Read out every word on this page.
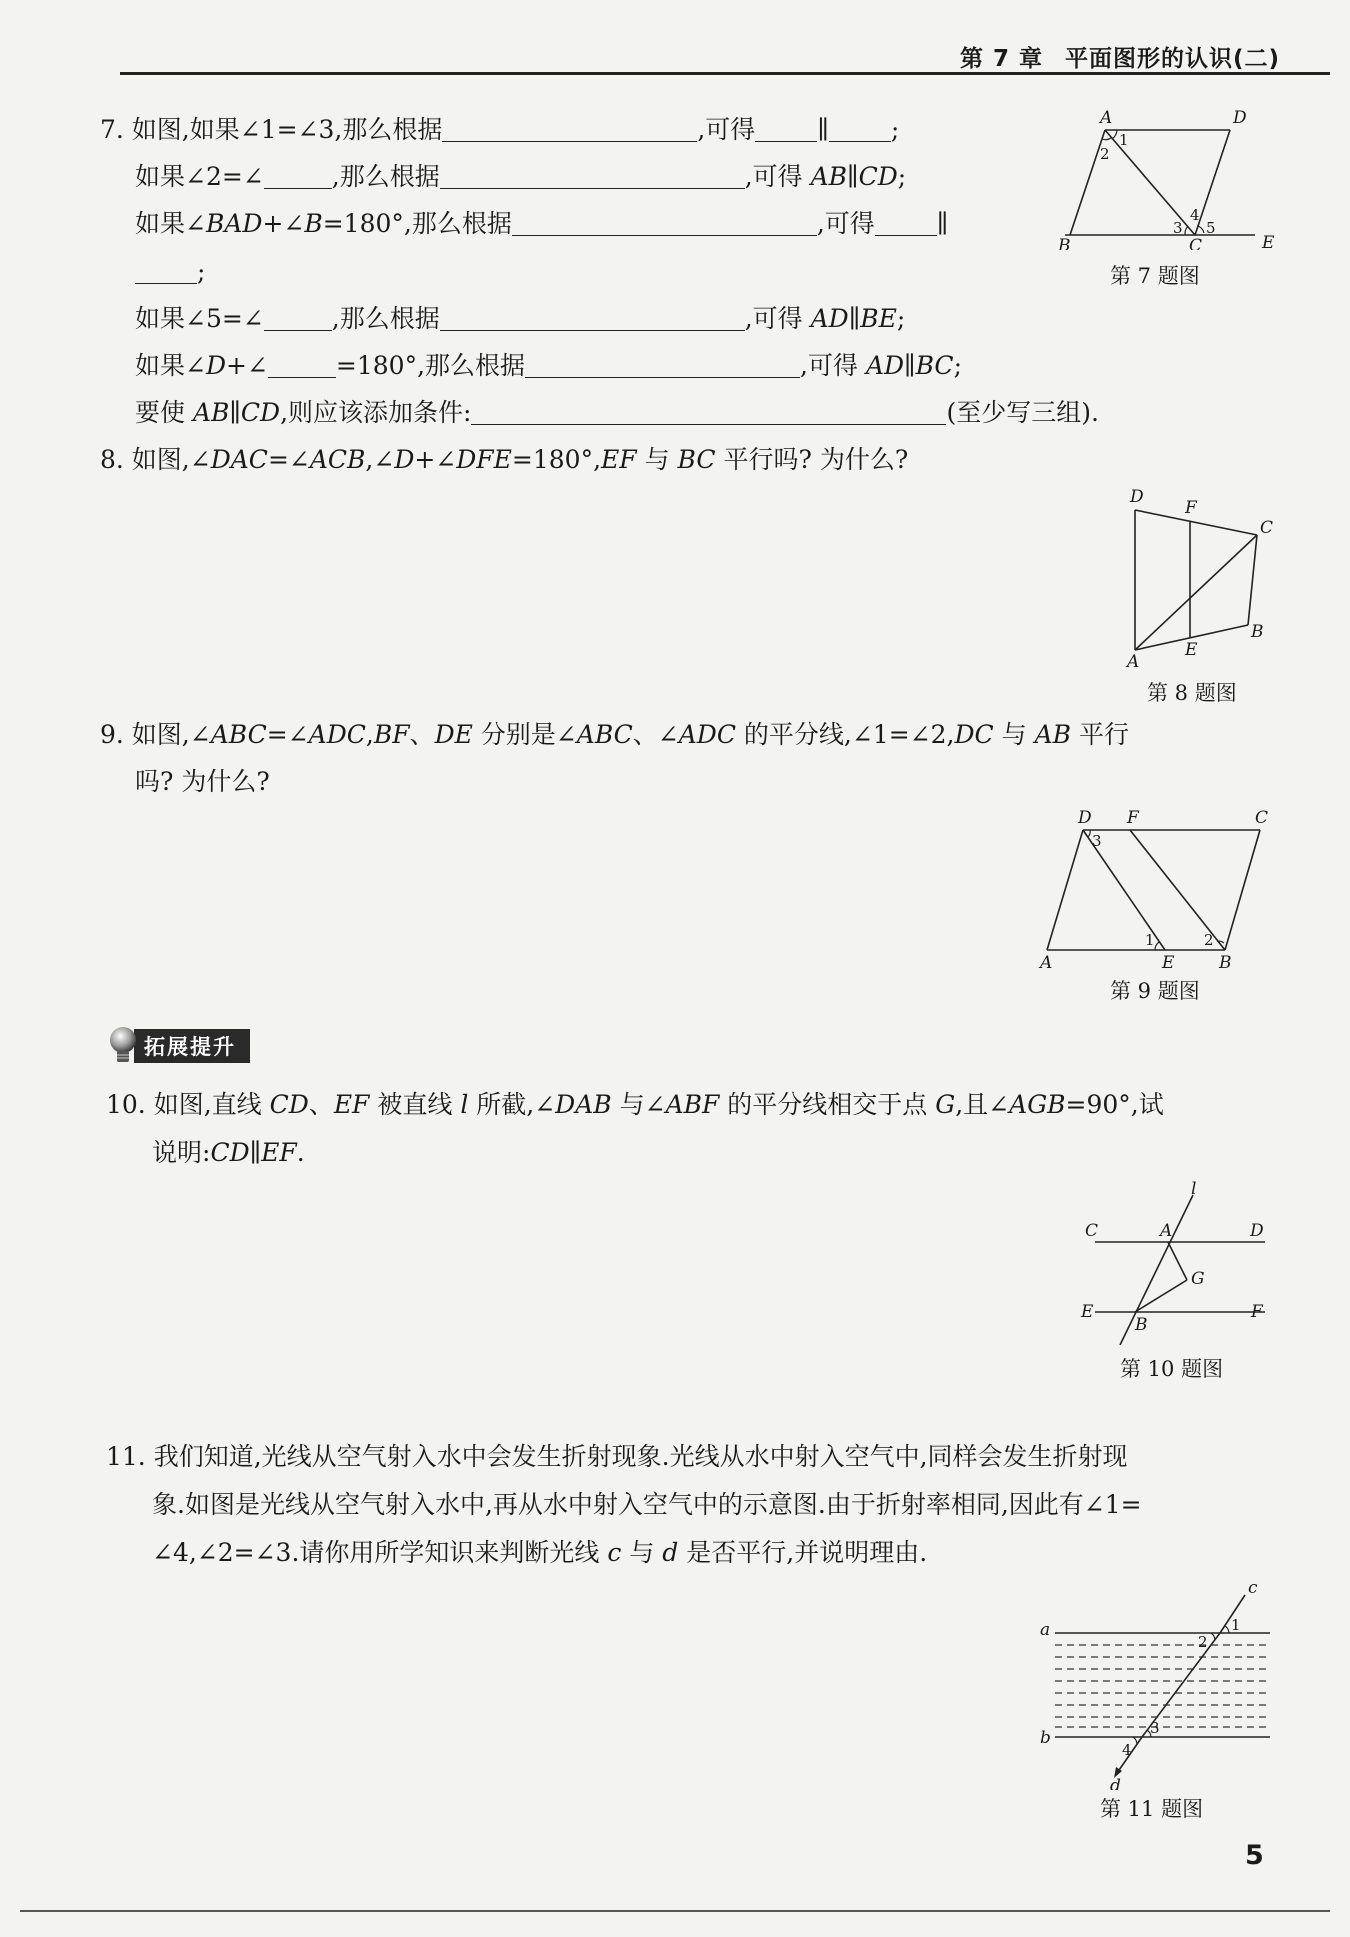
第 7 章 平面图形的认识(二)
7. 如图,如果∠1=∠3,那么根据	,可得 ∥ ;
如果∠2=∠	,那么根据	,可得 AB∥CD;
如果∠BAD+∠B=180°,那么根据	,可得 ∥
;
如果∠5=∠	,那么根据	,可得 AD∥BE;
如果∠D+∠	=180°,那么根据	,可得 AD∥BC;
要使 AB∥CD,则应该添加条件:	(至少写三组).
A	D
B	C	E
1
2
3
4
5
第 7 题图
8. 如图,∠DAC=∠ACB,∠D+∠DFE=180°,EF 与 BC 平行吗? 为什么?
D
F
C
B
E
A
第 8 题图
9. 如图,∠ABC=∠ADC,BF、DE 分别是∠ABC、∠ADC 的平分线,∠1=∠2,DC 与 AB 平行
吗? 为什么?
D F	C
A	E	B
1	2
3
第 9 题图
拓展提升
10. 如图,直线 CD、EF 被直线 l 所截,∠DAB 与∠ABF 的平分线相交于点 G,且∠AGB=90°,试
说明:CD∥EF.
l
C	A	D
G
E	F
B
第 10 题图
11. 我们知道,光线从空气射入水中会发生折射现象.光线从水中射入空气中,同样会发生折射现
象.如图是光线从空气射入水中,再从水中射入空气中的示意图.由于折射率相同,因此有∠1=
∠4,∠2=∠3.请你用所学知识来判断光线 c 与 d 是否平行,并说明理由.
c
a
b
d
1
2
3
4
第 11 题图
5
